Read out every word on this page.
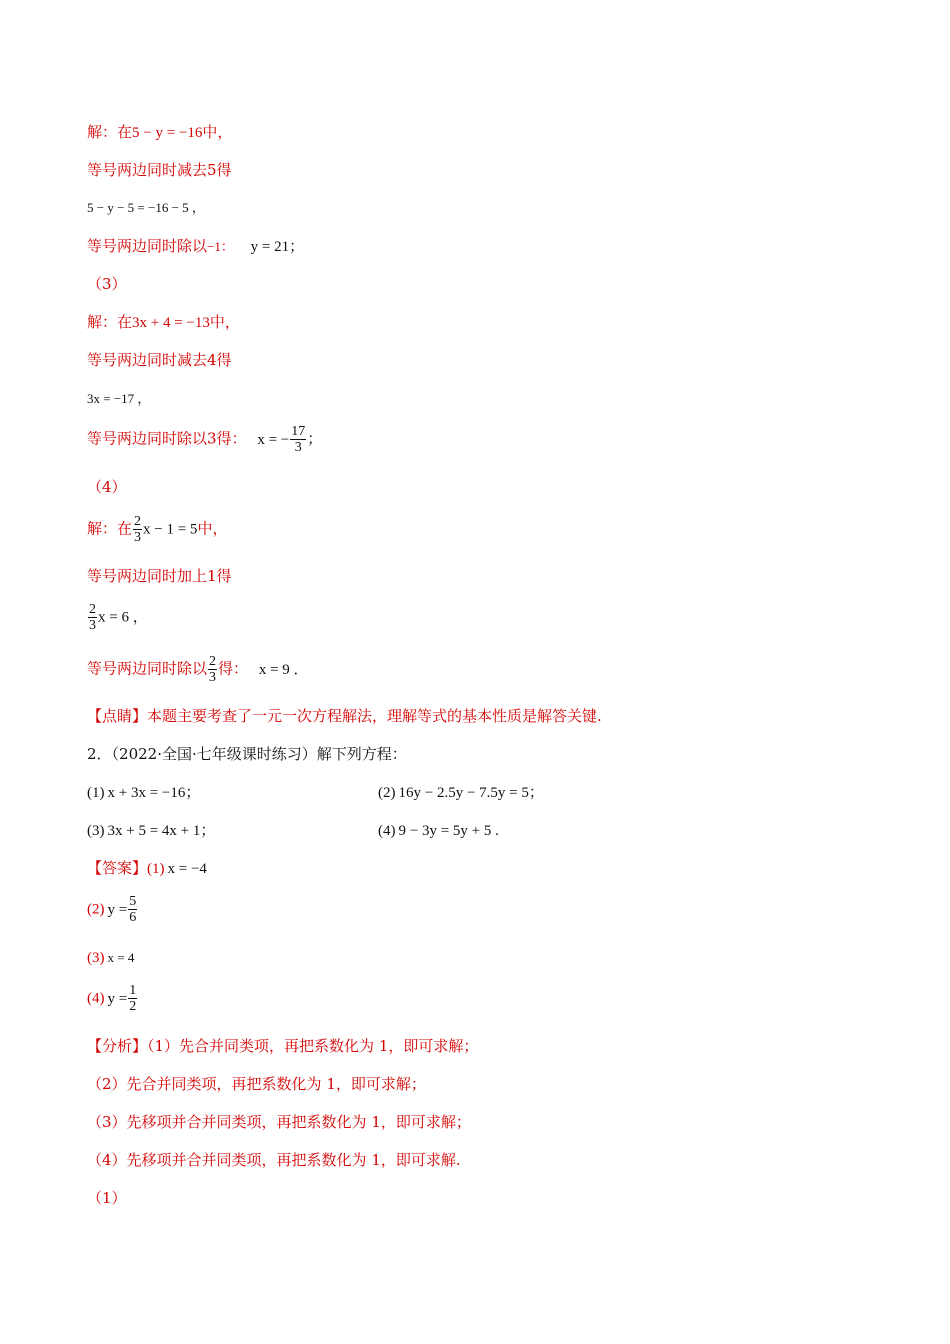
解：在5 − y = −16中，
等号两边同时减去5得
5 − y − 5 = −16 − 5 ，
等号两边同时除以−1： y = 21；
（3）
解：在3x + 4 = −13中，
等号两边同时减去4得
3x = −17 ，
等号两边同时除以3得： x = − $\frac{17}{3}$ ；
（4）
解：在 $\frac{2}{3}$ x − 1 = 5中，
等号两边同时加上1得
$\frac{2}{3}$ x = 6 ，
等号两边同时除以 $\frac{2}{3}$ 得： x = 9 ．
【点睛】本题主要考查了一元一次方程解法，理解等式的基本性质是解答关键.
2．（2022·全国·七年级课时练习）解下列方程：
(1) x + 3x = −16；	(2) 16y − 2.5y − 7.5y = 5；
(3) 3x + 5 = 4x + 1；	(4) 9 − 3y = 5y + 5 .
【答案】(1) x = −4
(2) $y = \frac{5}{6}$
(3) x = 4
(4) $y = \frac{1}{2}$
【分析】（1）先合并同类项，再把系数化为 1，即可求解；
（2）先合并同类项，再把系数化为 1，即可求解；
（3）先移项并合并同类项，再把系数化为 1，即可求解；
（4）先移项并合并同类项，再把系数化为 1，即可求解.
（1）
